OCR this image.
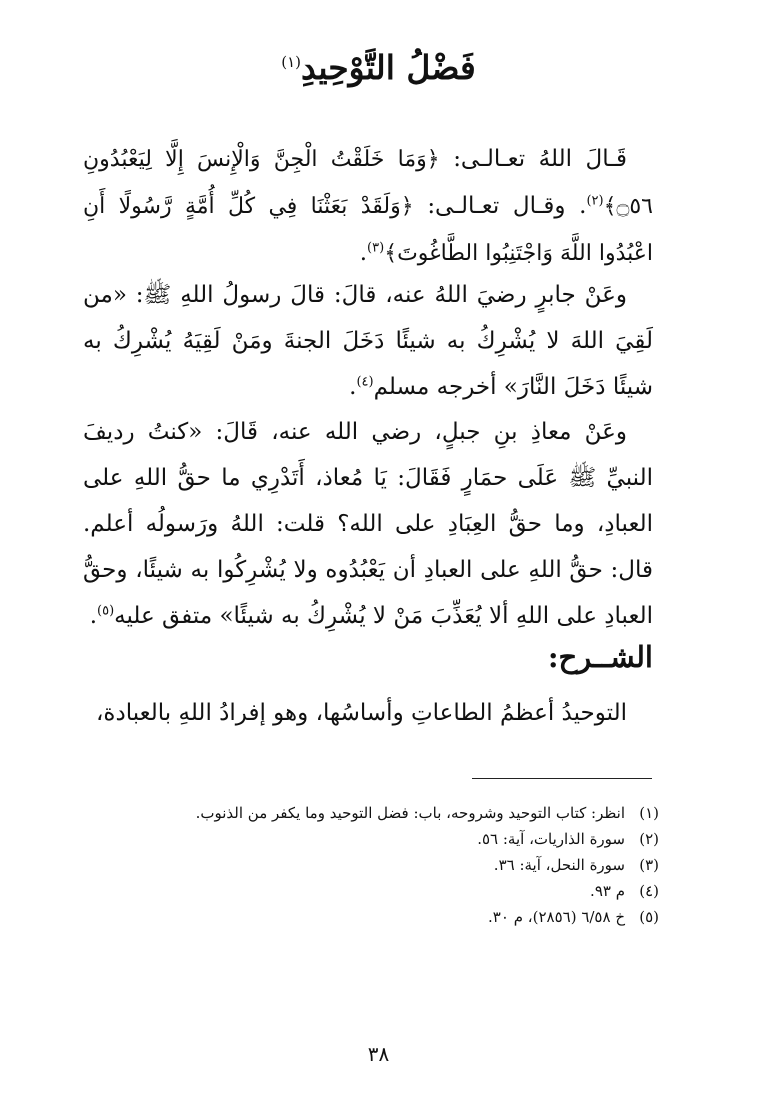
فَضْلُ التَّوْحِيدِ$^{(١)}$
قَـالَ اللهُ تعـالـى: ﴿وَمَا خَلَقْتُ الْجِنَّ وَالْإِنسَ إِلَّا لِيَعْبُدُونِ ۝٥٦﴾$^{(٢)}$. وقـال تعـالـى: ﴿وَلَقَدْ بَعَثْنَا فِي كُلِّ أُمَّةٍ رَّسُولًا أَنِ اعْبُدُوا اللَّهَ وَاجْتَنِبُوا الطَّاغُوتَ﴾$^{(٣)}$.
وعَنْ جابرٍ رضيَ اللهُ عنه، قالَ: قالَ رسولُ اللهِ ﷺ: «من لَقِيَ اللهَ لا يُشْرِكُ به شيئًا دَخَلَ الجنةَ ومَنْ لَقِيَهُ يُشْرِكُ به شيئًا دَخَلَ النَّارَ» أخرجه مسلم$^{(٤)}$.
وعَنْ معاذِ بنِ جبلٍ، رضي الله عنه، قَالَ: «كنتُ رديفَ النبيِّ ﷺ عَلَى حمَارٍ فَقَالَ: يَا مُعاذ، أَتَدْرِي ما حقُّ اللهِ على العبادِ، وما حقُّ العِبَادِ على الله؟ قلت: اللهُ ورَسولُه أعلم. قال: حقُّ اللهِ على العبادِ أن يَعْبُدُوه ولا يُشْرِكُوا به شيئًا، وحقُّ العبادِ على اللهِ ألا يُعَذِّبَ مَنْ لا يُشْرِكُ به شيئًا» متفق عليه$^{(٥)}$.
الشــرح:
التوحيدُ أعظمُ الطاعاتِ وأساسُها، وهو إفرادُ اللهِ بالعبادة،
(١)
انظر: كتاب التوحيد وشروحه، باب: فضل التوحيد وما يكفر من الذنوب.
(٢)
سورة الذاريات، آية: ٥٦.
(٣)
سورة النحل، آية: ٣٦.
(٤)
م ٩٣.
(٥)
خ ٦/٥٨ (٢٨٥٦)، م ٣٠.
٣٨
